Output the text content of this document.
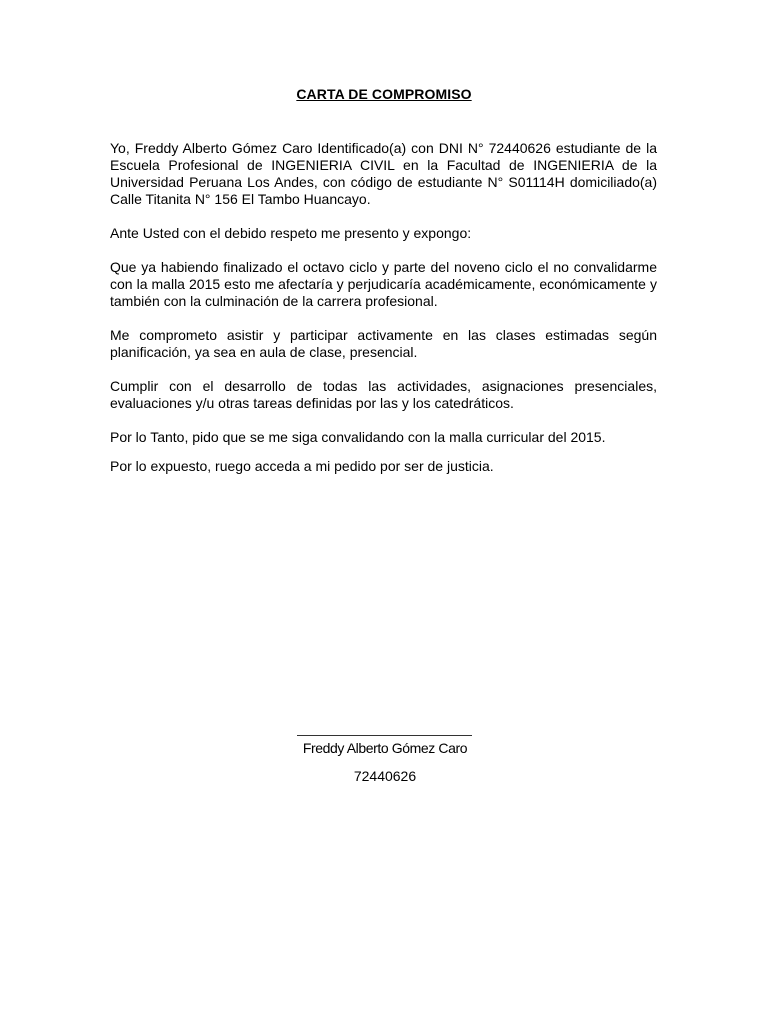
CARTA DE COMPROMISO

Yo, Freddy Alberto Gómez Caro Identificado(a) con DNI N° 72440626 estudiante de la Escuela Profesional de INGENIERIA CIVIL en la Facultad de INGENIERIA de la Universidad Peruana Los Andes, con código de estudiante N° S01114H domiciliado(a) Calle Titanita N° 156 El Tambo Huancayo.

Ante Usted con el debido respeto me presento y expongo:

Que ya habiendo finalizado el octavo ciclo y parte del noveno ciclo el no convalidarme con la malla 2015 esto me afectaría y perjudicaría académicamente, económicamente y también con la culminación de la carrera profesional.

Me comprometo asistir y participar activamente en las clases estimadas según planificación, ya sea en aula de clase, presencial.

Cumplir con el desarrollo de todas las actividades, asignaciones presenciales, evaluaciones y/u otras tareas definidas por las y los catedráticos.

Por lo Tanto, pido que se me siga convalidando con la malla curricular del 2015.

Por lo expuesto, ruego acceda a mi pedido por ser de justicia.

Freddy Alberto Gómez Caro
72440626
